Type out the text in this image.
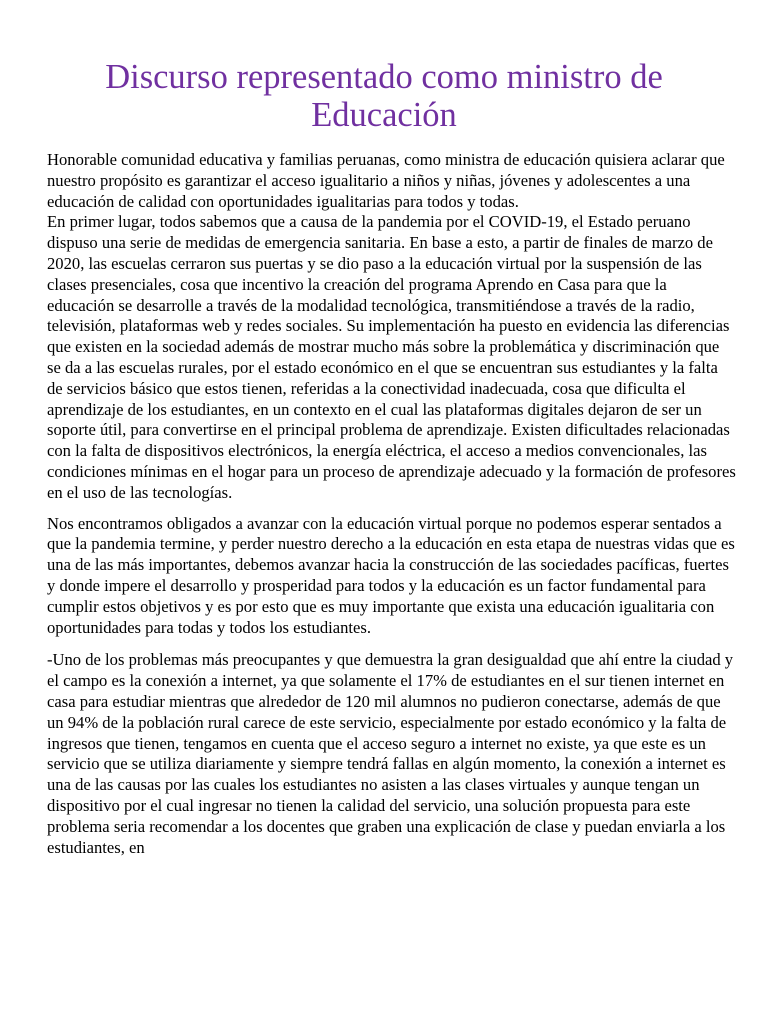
Discurso representado como ministro de Educación

Honorable comunidad educativa y familias peruanas, como ministra de educación quisiera aclarar que nuestro propósito es garantizar el acceso igualitario a niños y niñas, jóvenes y adolescentes a una educación de calidad con oportunidades igualitarias para todos y todas.                                                       En primer lugar, todos sabemos que a causa de la pandemia por el COVID-19, el Estado peruano dispuso una serie de medidas de emergencia sanitaria. En base a esto, a partir de finales de marzo de 2020, las escuelas cerraron sus puertas y se dio paso a la educación virtual por la suspensión de las clases presenciales, cosa que incentivo la creación del programa Aprendo en Casa para que la educación se desarrolle a través de la modalidad tecnológica, transmitiéndose a través de la radio, televisión, plataformas web y redes sociales. Su implementación ha puesto en evidencia las diferencias que existen en la sociedad además de mostrar mucho más sobre la problemática y discriminación que se da a las escuelas rurales, por el estado económico en el que se encuentran sus estudiantes y la falta de servicios básico que estos tienen, referidas a la conectividad inadecuada, cosa que dificulta el aprendizaje de los estudiantes, en un contexto en el cual las plataformas digitales dejaron de ser un soporte útil, para convertirse en el principal problema de aprendizaje. Existen dificultades relacionadas con la falta de dispositivos electrónicos, la energía eléctrica, el acceso a medios convencionales, las condiciones mínimas en el hogar para un proceso de aprendizaje adecuado y la formación de profesores en el uso de las tecnologías.

Nos encontramos obligados a avanzar con la educación virtual porque no podemos esperar sentados a que la pandemia termine, y perder nuestro derecho a la educación en esta etapa de nuestras vidas que es una de las más importantes, debemos avanzar hacia la construcción de las sociedades pacíficas, fuertes y donde impere el desarrollo y prosperidad para todos y la educación es un factor fundamental para cumplir estos objetivos y es por esto que es muy importante que exista una educación igualitaria con oportunidades para todas y todos los estudiantes.

-Uno de los problemas más preocupantes y que demuestra la gran desigualdad que ahí entre la ciudad y el campo es la conexión a internet, ya que solamente el 17% de estudiantes en el sur tienen internet en casa para estudiar mientras que alrededor de 120 mil alumnos no pudieron conectarse, además de que un 94% de la población rural carece de este servicio, especialmente por estado económico y la falta de ingresos que tienen, tengamos en cuenta que el acceso seguro a internet no existe, ya que este es un servicio que se utiliza diariamente y siempre tendrá fallas en algún momento, la conexión a internet es una de las causas por las cuales los estudiantes no asisten a las clases virtuales y aunque tengan un dispositivo por el cual ingresar no tienen la calidad del servicio, una solución propuesta para este problema seria recomendar a los docentes que graben una explicación de clase y puedan enviarla a los estudiantes, en
